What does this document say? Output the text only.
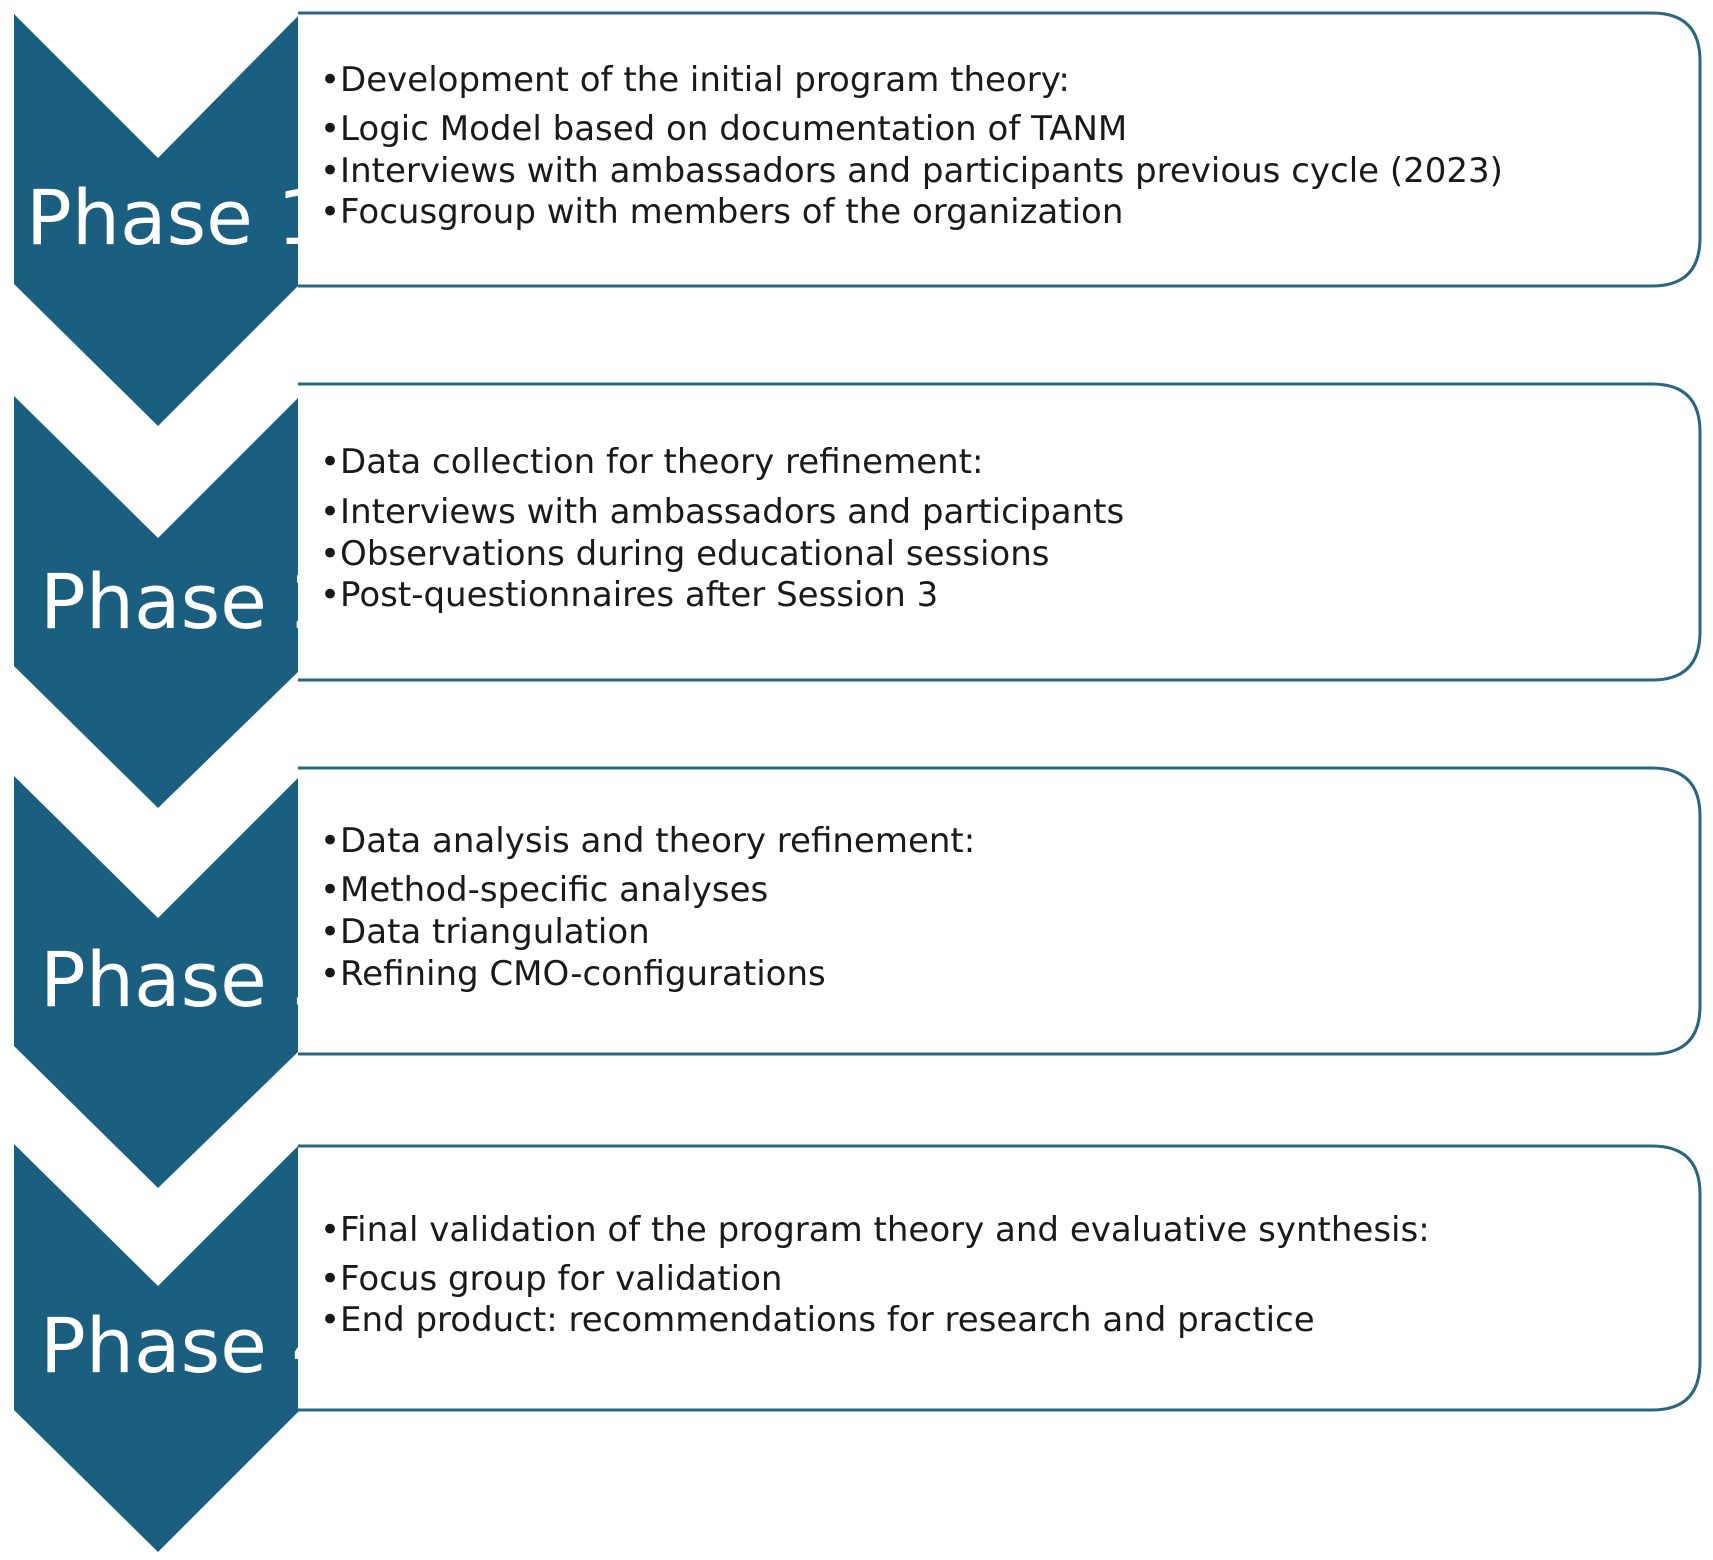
Phase 1
•Development of the initial program theory:
•Logic Model based on documentation of TANM
•Interviews with ambassadors and participants previous cycle (2023)
•Focusgroup with members of the organization
Phase 2
•Data collection for theory refinement:
•Interviews with ambassadors and participants
•Observations during educational sessions
•Post-questionnaires after Session 3
Phase 3
•Data analysis and theory refinement:
•Method-specific analyses
•Data triangulation
•Refining CMO-configurations
Phase 4
•Final validation of the program theory and evaluative synthesis:
•Focus group for validation
•End product: recommendations for research and practice
